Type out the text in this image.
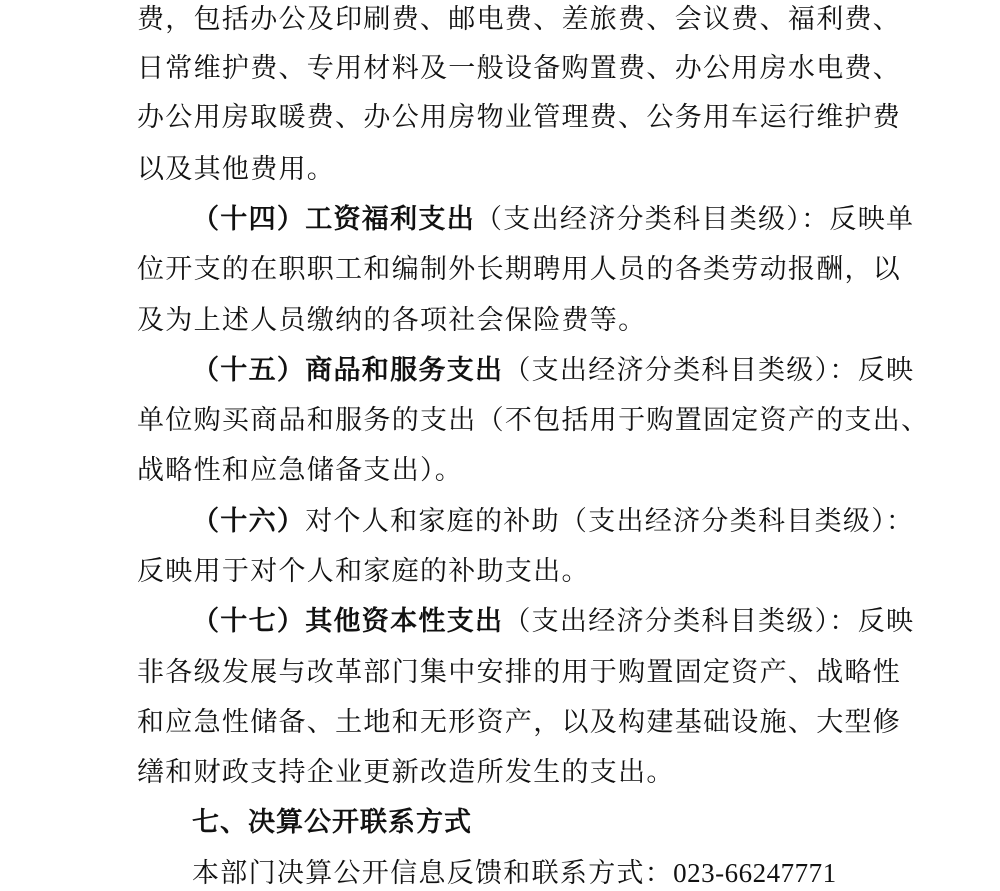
费，包括办公及印刷费、邮电费、差旅费、会议费、福利费、
日常维护费、专用材料及一般设备购置费、办公用房水电费、
办公用房取暖费、办公用房物业管理费、公务用车运行维护费
以及其他费用。
（十四）工资福利支出（支出经济分类科目类级）：反映单
位开支的在职职工和编制外长期聘用人员的各类劳动报酬，以
及为上述人员缴纳的各项社会保险费等。
（十五）商品和服务支出（支出经济分类科目类级）：反映
单位购买商品和服务的支出（不包括用于购置固定资产的支出、
战略性和应急储备支出）。
（十六）对个人和家庭的补助（支出经济分类科目类级）：
反映用于对个人和家庭的补助支出。
（十七）其他资本性支出（支出经济分类科目类级）：反映
非各级发展与改革部门集中安排的用于购置固定资产、战略性
和应急性储备、土地和无形资产，以及构建基础设施、大型修
缮和财政支持企业更新改造所发生的支出。
七、决算公开联系方式
本部门决算公开信息反馈和联系方式：023-66247771
